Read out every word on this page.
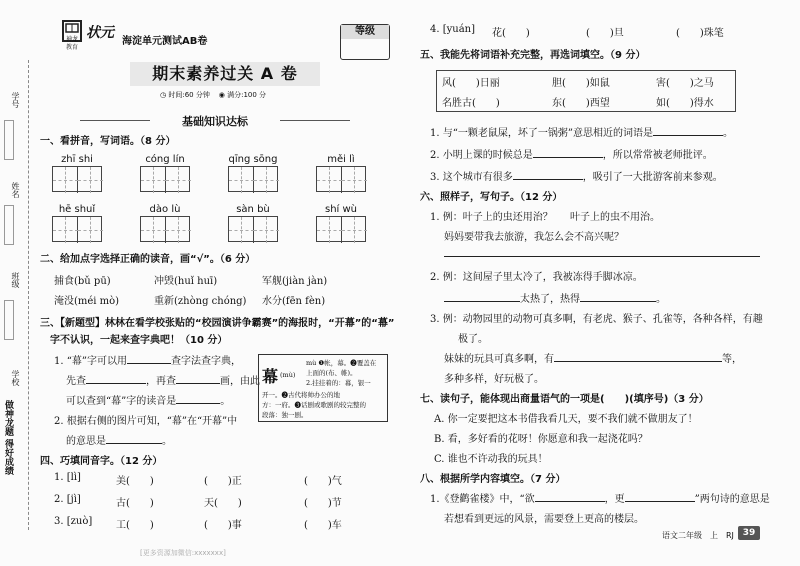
学号
姓名
班级
学校
做神龙题 得好成绩
神龙教育
状元
海淀单元测试AB卷
等级
期末素养过关 A 卷
◷ 时间:60 分钟 ◉ 满分:100 分
基础知识达标
一、看拼音，写词语。（8 分）
zhī shi	cóng lín	qīng sōng	měi lì
hē shuǐ	dào lù	sàn bù	shí wù
二、给加点字选择正确的读音，画“√”。（6 分）
捕食(bǔ pū)	冲毁(huǐ huī)	军舰(jiàn jàn)
淹没(méi mò)	重新(zhòng chóng) 水分(fēn fèn)
三、【新题型】林林在看学校张贴的“校园演讲争霸赛”的海报时，“开幕”的“幕”
字不认识，一起来查字典吧！（10 分）
1. “幕”字可以用	查字法查字典，
先查	，再查	画，由此
可以查到“幕”字的读音是	。
2. 根据右侧的图片可知，“幕”在“开幕”中
的意思是	。
幕 (mù)
mù ❶帐，幕。❷覆盖在
上面的(布、帷)。
2.挂挂着的：幕，银一
开一。❷古代将帅办公的地
方：一府。❸话剧或歌剧的较完整的
段落：独一剧。
四、巧填同音字。（12 分）
1. [lì]	美(　　)	(　　)正	(　　)气
2. [jì]	古(　　)	天(　　)	(　　)节
3. [zuò] 工(　　)	(　　)事	(　　)车
4. [yuán] 花(　　)	(　　)旦	(　　)珠笔
五、我能先将词语补充完整，再选词填空。（9 分）
风(　　)日丽	胆(　　)如鼠	害(　　)之马
名胜古(　　)	东(　　)西望	如(　　)得水
1. 与“一颗老鼠屎，坏了一锅粥”意思相近的词语是	。
2. 小明上课的时候总是	，所以常常被老师批评。
3. 这个城市有很多	，吸引了一大批游客前来参观。
六、照样子，写句子。（12 分）
1. 例：叶子上的虫还用治？ 叶子上的虫不用治。
妈妈要带我去旅游，我怎么会不高兴呢？
2. 例：这间屋子里太冷了，我被冻得手脚冰凉。
太热了，热得	。
3. 例：动物园里的动物可真多啊，有老虎、猴子、孔雀等，各种各样，有趣
极了。
妹妹的玩具可真多啊，有	等，
多种多样，好玩极了。
七、读句子，能体现出商量语气的一项是(　　)(填序号)（3 分）
A. 你一定要把这本书借我看几天，要不我们就不做朋友了！
B. 看，多好看的花呀！你愿意和我一起浇花吗？
C. 谁也不许动我的玩具！
八、根据所学内容填空。（7 分）
1.《登鹳雀楼》中，“欲	，更	”两句诗的意思是
若想看到更远的风景，需要登上更高的楼层。
语文二年级　上　RJ 39
[更多资源加微信:xxxxxxx]
